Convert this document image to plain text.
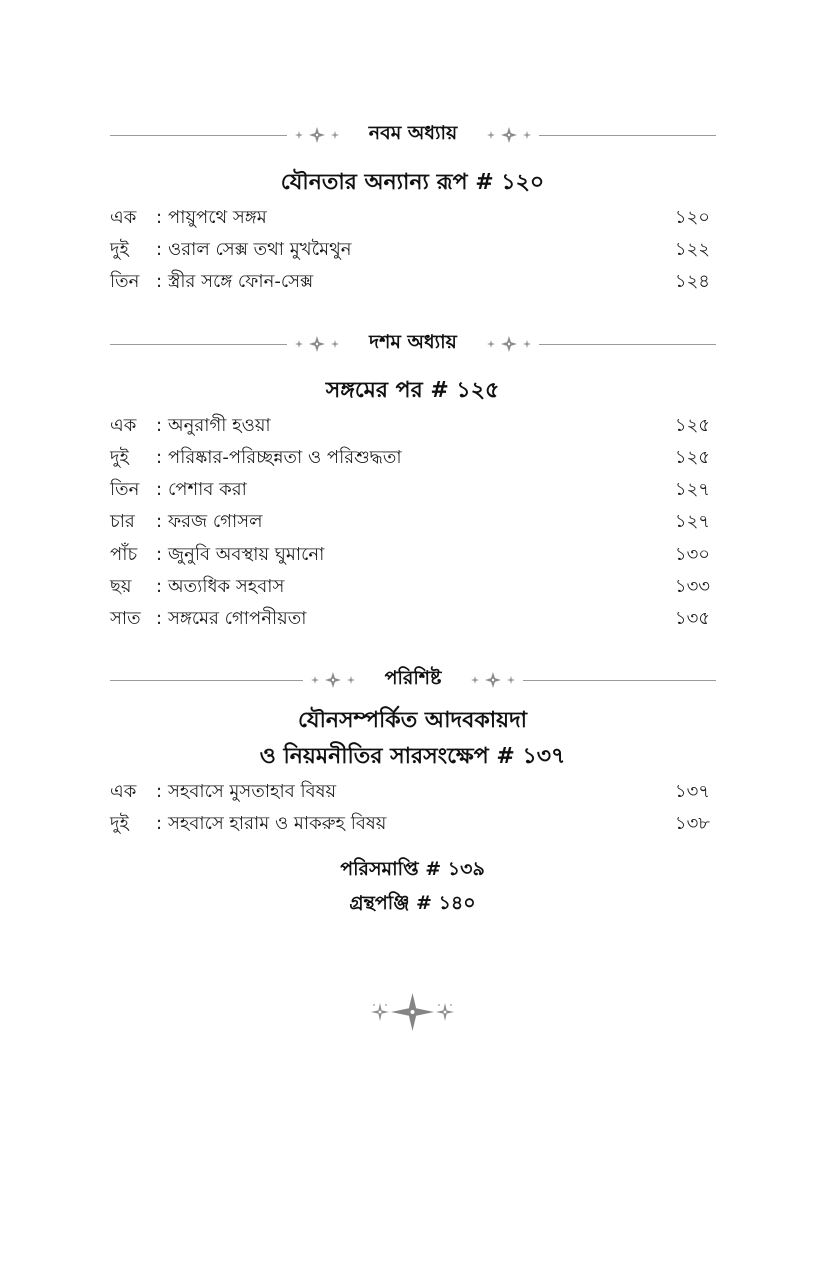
নবম অধ্যায়
যৌনতার অন্যান্য রূপ # ১২০
এক : পায়ুপথে সঙ্গম	১২০
দুই : ওরাল সেক্স তথা মুখমৈথুন	১২২
তিন : স্ত্রীর সঙ্গে ফোন-সেক্স	১২৪
দশম অধ্যায়
সঙ্গমের পর # ১২৫
এক : অনুরাগী হওয়া	১২৫
দুই : পরিষ্কার-পরিচ্ছন্নতা ও পরিশুদ্ধতা	১২৫
তিন : পেশাব করা	১২৭
চার : ফরজ গোসল	১২৭
পাঁচ : জুনুবি অবস্থায় ঘুমানো	১৩০
ছয় : অত্যধিক সহবাস	১৩৩
সাত : সঙ্গমের গোপনীয়তা	১৩৫
পরিশিষ্ট
যৌনসম্পর্কিত আদবকায়দা
ও নিয়মনীতির সারসংক্ষেপ # ১৩৭
এক : সহবাসে মুসতাহাব বিষয়	১৩৭
দুই : সহবাসে হারাম ও মাকরুহ বিষয়	১৩৮
পরিসমাপ্তি # ১৩৯
গ্রন্থপঞ্জি # ১৪০
